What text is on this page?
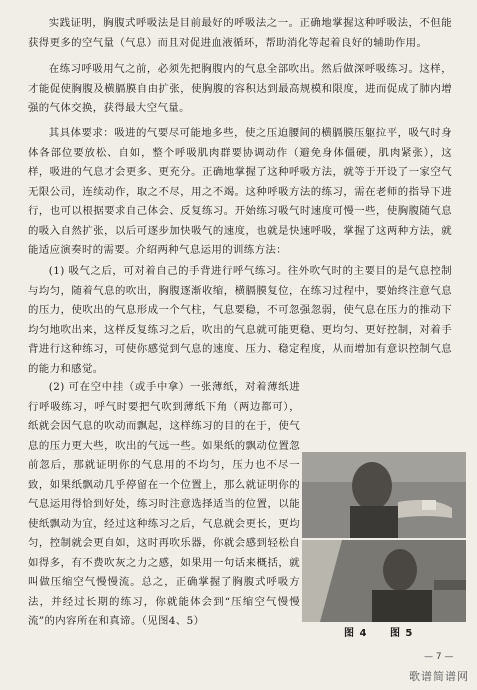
实践证明，胸腹式呼吸法是目前最好的呼吸法之一。正确地掌握这种呼吸法，不但能获得更多的空气量（气息）而且对促进血液循环，帮助消化等起着良好的辅助作用。

在练习呼吸用气之前，必须先把胸腹内的气息全部吹出。然后做深呼吸练习。这样，才能促使胸腹及横膈膜自由扩张，使胸腹的容积达到最高规模和限度，进而促成了肺内增强的气体交换，获得最大空气量。

其具体要求：吸进的气要尽可能地多些，使之压迫腰间的横膈膜压躯拉平，吸气时身体各部位要放松、自如，整个呼吸肌肉群要协调动作（避免身体僵硬，肌肉紧张），这样，吸进的气息才会更多、更充分。正确地掌握了这种呼吸方法，就等于开设了一家空气无限公司，连续动作，取之不尽，用之不竭。这种呼吸方法的练习，需在老师的指导下进行，也可以根据要求自己体会、反复练习。开始练习吸气时速度可慢一些，使胸腹随气息的吸入自然扩张，以后可逐步加快吸气的速度，也就是快速呼吸，掌握了这两种方法，就能适应演奏时的需要。介绍两种气息运用的训练方法：

(1) 吸气之后，可对着自己的手背进行呼气练习。往外吹气时的主要目的是气息控制与均匀，随着气息的吹出，胸腹逐渐收缩，横膈膜复位，在练习过程中，要始终注意气息的压力，使吹出的气息形成一个气柱，气息要稳，不可忽强忽弱，使气息在压力的推动下均匀地吹出来，这样反复练习之后，吹出的气息就可能更稳、更均匀、更好控制，对着手背进行这种练习，可使你感觉到气息的速度、压力、稳定程度，从而增加有意识控制气息的能力和感觉。

(2) 可在空中挂（或手中拿）一张薄纸，对着薄纸进行呼吸练习，呼气时要把气吹到薄纸下角（两边都可），纸就会因气息的吹动而飘起，这样练习的目的在于，使气息的压力更大些，吹出的气远一些。如果纸的飘动位置忽前忽后，那就证明你的气息用的不均匀，压力也不尽一致，如果纸飘动几乎停留在一个位置上，那么就证明你的气息运用得恰到好处，练习时注意选择适当的位置，以能使纸飘动为宜，经过这种练习之后，气息就会更长，更均匀，控制就会更自如，这时再吹乐器，你就会感到轻松自如得多，有不费吹灰之力之感，如果用一句话来概括，就叫做压缩空气慢慢流。总之，正确掌握了胸腹式呼吸方法，并经过长期的练习，你就能体会到“压缩空气慢慢流”的内容所在和真谛。（见图4、5）

图 4 图 5
— 7 —
歌谱简谱网
